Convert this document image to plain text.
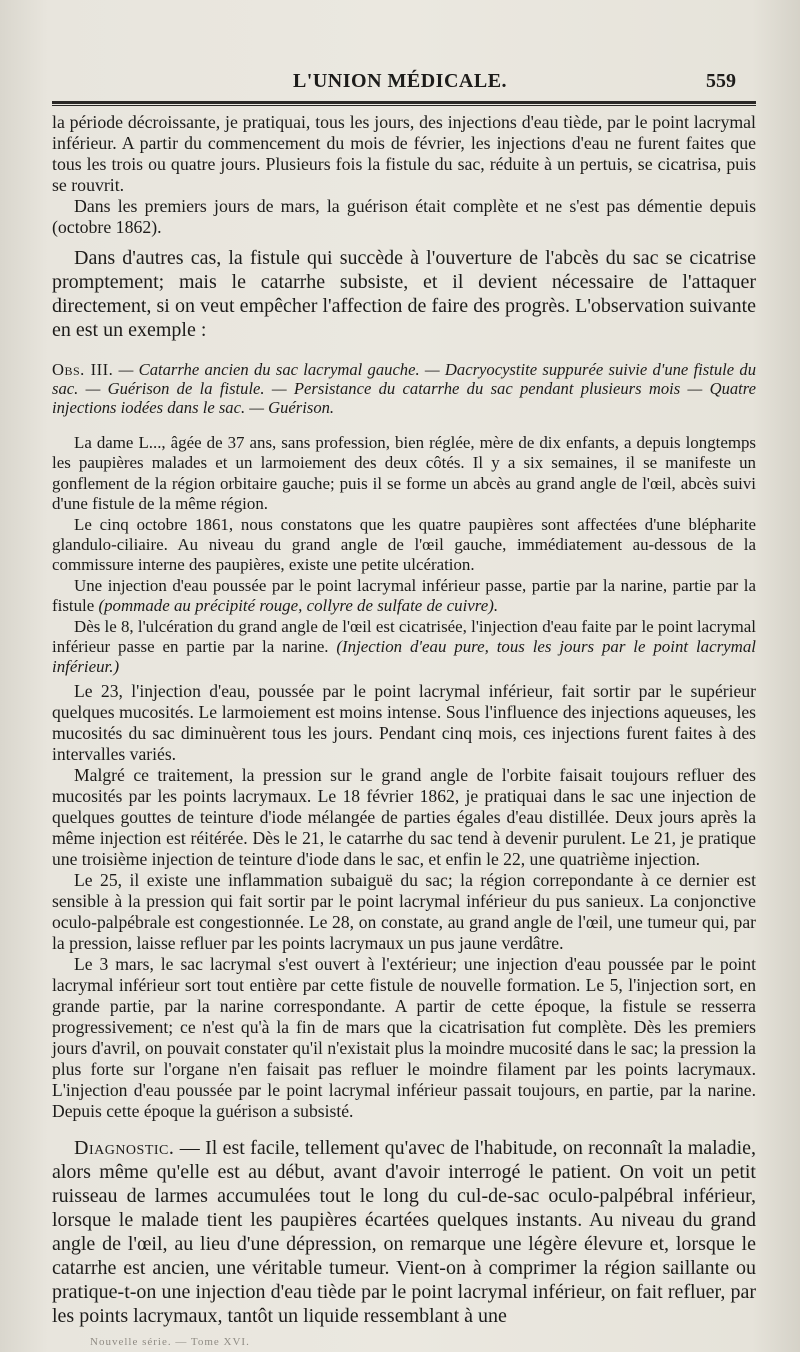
L'UNION MÉDICALE.	559

la période décroissante, je pratiquai, tous les jours, des injections d'eau tiède, par le point lacrymal inférieur. A partir du commencement du mois de février, les injections d'eau ne furent faites que tous les trois ou quatre jours. Plusieurs fois la fistule du sac, réduite à un pertuis, se cicatrisa, puis se rouvrit.

Dans les premiers jours de mars, la guérison était complète et ne s'est pas démentie depuis (octobre 1862).

Dans d'autres cas, la fistule qui succède à l'ouverture de l'abcès du sac se cicatrise promptement; mais le catarrhe subsiste, et il devient nécessaire de l'attaquer directement, si on veut empêcher l'affection de faire des progrès. L'observation suivante en est un exemple :

Obs. III. — Catarrhe ancien du sac lacrymal gauche. — Dacryocystite suppurée suivie d'une fistule du sac. — Guérison de la fistule. — Persistance du catarrhe du sac pendant plusieurs mois — Quatre injections iodées dans le sac. — Guérison.

La dame L..., âgée de 37 ans, sans profession, bien réglée, mère de dix enfants, a depuis longtemps les paupières malades et un larmoiement des deux côtés. Il y a six semaines, il se manifeste un gonflement de la région orbitaire gauche; puis il se forme un abcès au grand angle de l'œil, abcès suivi d'une fistule de la même région.

Le cinq octobre 1861, nous constatons que les quatre paupières sont affectées d'une blépharite glandulo-ciliaire. Au niveau du grand angle de l'œil gauche, immédiatement au-dessous de la commissure interne des paupières, existe une petite ulcération.

Une injection d'eau poussée par le point lacrymal inférieur passe, partie par la narine, partie par la fistule (pommade au précipité rouge, collyre de sulfate de cuivre).

Dès le 8, l'ulcération du grand angle de l'œil est cicatrisée, l'injection d'eau faite par le point lacrymal inférieur passe en partie par la narine. (Injection d'eau pure, tous les jours par le point lacrymal inférieur.)

Le 23, l'injection d'eau, poussée par le point lacrymal inférieur, fait sortir par le supérieur quelques mucosités. Le larmoiement est moins intense. Sous l'influence des injections aqueuses, les mucosités du sac diminuèrent tous les jours. Pendant cinq mois, ces injections furent faites à des intervalles variés.

Malgré ce traitement, la pression sur le grand angle de l'orbite faisait toujours refluer des mucosités par les points lacrymaux. Le 18 février 1862, je pratiquai dans le sac une injection de quelques gouttes de teinture d'iode mélangée de parties égales d'eau distillée. Deux jours après la même injection est réitérée. Dès le 21, le catarrhe du sac tend à devenir purulent. Le 21, je pratique une troisième injection de teinture d'iode dans le sac, et enfin le 22, une quatrième injection.

Le 25, il existe une inflammation subaiguë du sac; la région correpondante à ce dernier est sensible à la pression qui fait sortir par le point lacrymal inférieur du pus sanieux. La conjonctive oculo-palpébrale est congestionnée. Le 28, on constate, au grand angle de l'œil, une tumeur qui, par la pression, laisse refluer par les points lacrymaux un pus jaune verdâtre.

Le 3 mars, le sac lacrymal s'est ouvert à l'extérieur; une injection d'eau poussée par le point lacrymal inférieur sort tout entière par cette fistule de nouvelle formation. Le 5, l'injection sort, en grande partie, par la narine correspondante. A partir de cette époque, la fistule se resserra progressivement; ce n'est qu'à la fin de mars que la cicatrisation fut complète. Dès les premiers jours d'avril, on pouvait constater qu'il n'existait plus la moindre mucosité dans le sac; la pression la plus forte sur l'organe n'en faisait pas refluer le moindre filament par les points lacrymaux. L'injection d'eau poussée par le point lacrymal inférieur passait toujours, en partie, par la narine. Depuis cette époque la guérison a subsisté.

Diagnostic. — Il est facile, tellement qu'avec de l'habitude, on reconnaît la maladie, alors même qu'elle est au début, avant d'avoir interrogé le patient. On voit un petit ruisseau de larmes accumulées tout le long du cul-de-sac oculo-palpébral inférieur, lorsque le malade tient les paupières écartées quelques instants. Au niveau du grand angle de l'œil, au lieu d'une dépression, on remarque une légère élevure et, lorsque le catarrhe est ancien, une véritable tumeur. Vient-on à comprimer la région saillante ou pratique-t-on une injection d'eau tiède par le point lacrymal inférieur, on fait refluer, par les points lacrymaux, tantôt un liquide ressemblant à une

Nouvelle série. — Tome XVI.
